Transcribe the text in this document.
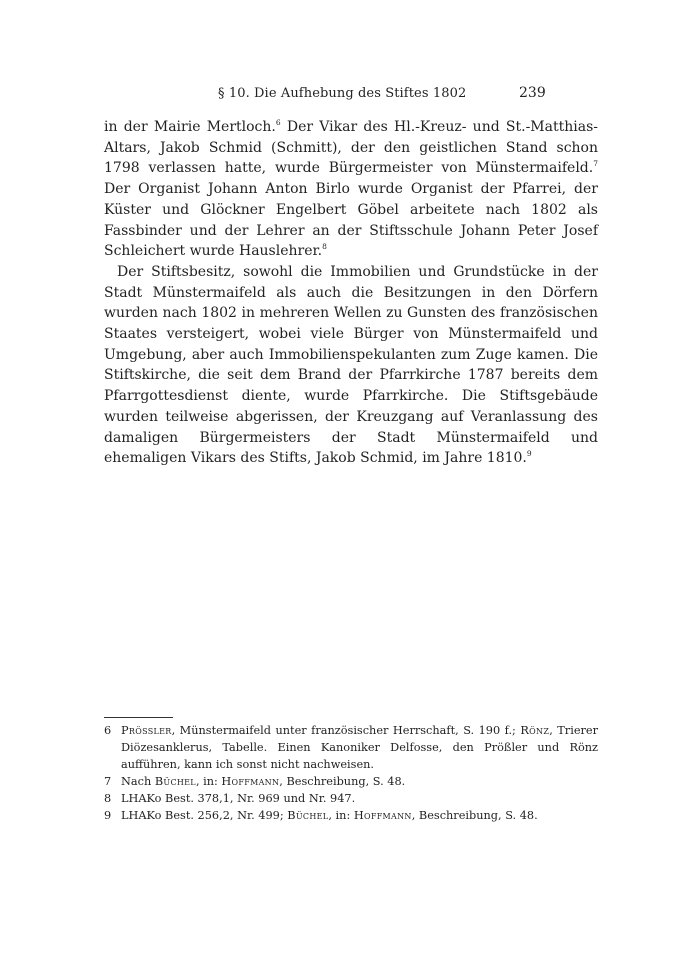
§ 10. Die Aufhebung des Stiftes 1802	239

in der Mairie Mertloch.$^6$ Der Vikar des Hl.-Kreuz- und St.-Matthias-Altars, Jakob Schmid (Schmitt), der den geistlichen Stand schon 1798 verlassen hatte, wurde Bürgermeister von Münstermaifeld.$^7$ Der Organist Johann Anton Birlo wurde Organist der Pfarrei, der Küster und Glöckner Engelbert Göbel arbeitete nach 1802 als Fassbinder und der Lehrer an der Stiftsschule Johann Peter Josef Schleichert wurde Hauslehrer.$^8$

Der Stiftsbesitz, sowohl die Immobilien und Grundstücke in der Stadt Münstermaifeld als auch die Besitzungen in den Dörfern wurden nach 1802 in mehreren Wellen zu Gunsten des französischen Staates versteigert, wobei viele Bürger von Münstermaifeld und Umgebung, aber auch Immobilienspekulanten zum Zuge kamen. Die Stiftskirche, die seit dem Brand der Pfarrkirche 1787 bereits dem Pfarrgottesdienst diente, wurde Pfarrkirche. Die Stiftsgebäude wurden teilweise abgerissen, der Kreuzgang auf Veranlassung des damaligen Bürgermeisters der Stadt Münstermaifeld und ehemaligen Vikars des Stifts, Jakob Schmid, im Jahre 1810.$^9$

6 Prössler, Münstermaifeld unter französischer Herrschaft, S. 190 f.; Rönz, Trierer Diözesanklerus, Tabelle. Einen Kanoniker Delfosse, den Prößler und Rönz aufführen, kann ich sonst nicht nachweisen.
7 Nach Büchel, in: Hoffmann, Beschreibung, S. 48.
8 LHAKo Best. 378,1, Nr. 969 und Nr. 947.
9 LHAKo Best. 256,2, Nr. 499; Büchel, in: Hoffmann, Beschreibung, S. 48.
